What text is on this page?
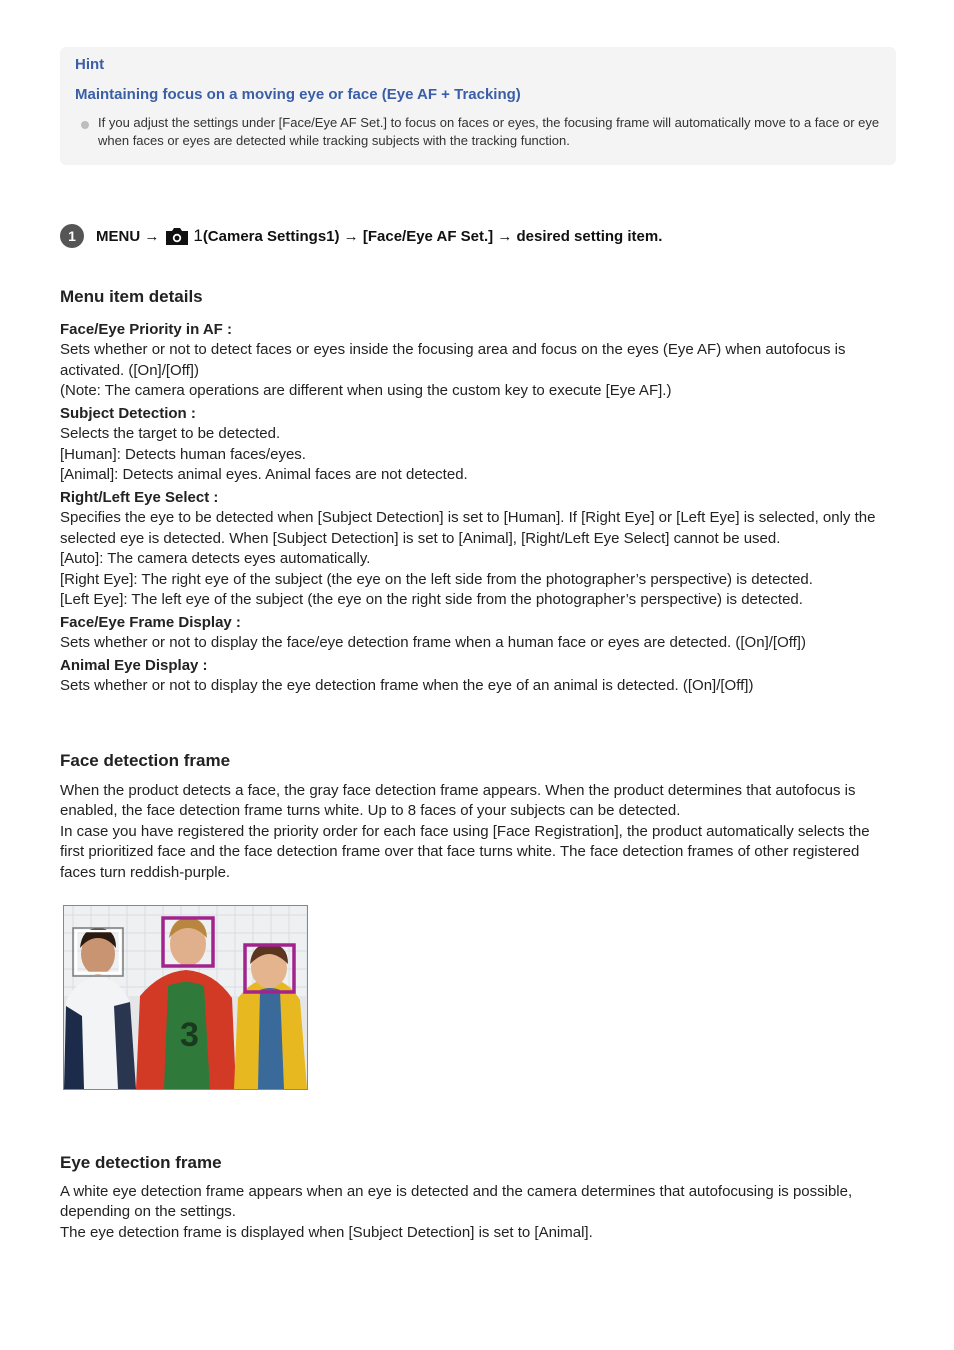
Hint
Maintaining focus on a moving eye or face (Eye AF + Tracking)
If you adjust the settings under [Face/Eye AF Set.] to focus on faces or eyes, the focusing frame will automatically move to a face or eye when faces or eyes are detected while tracking subjects with the tracking function.
1	MENU → 1(Camera Settings1) → [Face/Eye AF Set.] → desired setting item.
Menu item details
Face/Eye Priority in AF :

Sets whether or not to detect faces or eyes inside the focusing area and focus on the eyes (Eye AF) when autofocus is activated. ([On]/[Off])

(Note: The camera operations are different when using the custom key to execute [Eye AF].)

Subject Detection :

Selects the target to be detected.

[Human]: Detects human faces/eyes.

[Animal]: Detects animal eyes. Animal faces are not detected.

Right/Left Eye Select :

Specifies the eye to be detected when [Subject Detection] is set to [Human]. If [Right Eye] or [Left Eye] is selected, only the selected eye is detected. When [Subject Detection] is set to [Animal], [Right/Left Eye Select] cannot be used.

[Auto]: The camera detects eyes automatically.

[Right Eye]: The right eye of the subject (the eye on the left side from the photographer’s perspective) is detected.

[Left Eye]: The left eye of the subject (the eye on the right side from the photographer’s perspective) is detected.

Face/Eye Frame Display :

Sets whether or not to display the face/eye detection frame when a human face or eyes are detected. ([On]/[Off])

Animal Eye Display :

Sets whether or not to display the eye detection frame when the eye of an animal is detected. ([On]/[Off])

Face detection frame

When the product detects a face, the gray face detection frame appears. When the product determines that autofocus is enabled, the face detection frame turns white. Up to 8 faces of your subjects can be detected.

In case you have registered the priority order for each face using [Face Registration], the product automatically selects the first prioritized face and the face detection frame over that face turns white. The face detection frames of other registered faces turn reddish-purple.

3
Eye detection frame

A white eye detection frame appears when an eye is detected and the camera determines that autofocusing is possible, depending on the settings.

The eye detection frame is displayed when [Subject Detection] is set to [Animal].
